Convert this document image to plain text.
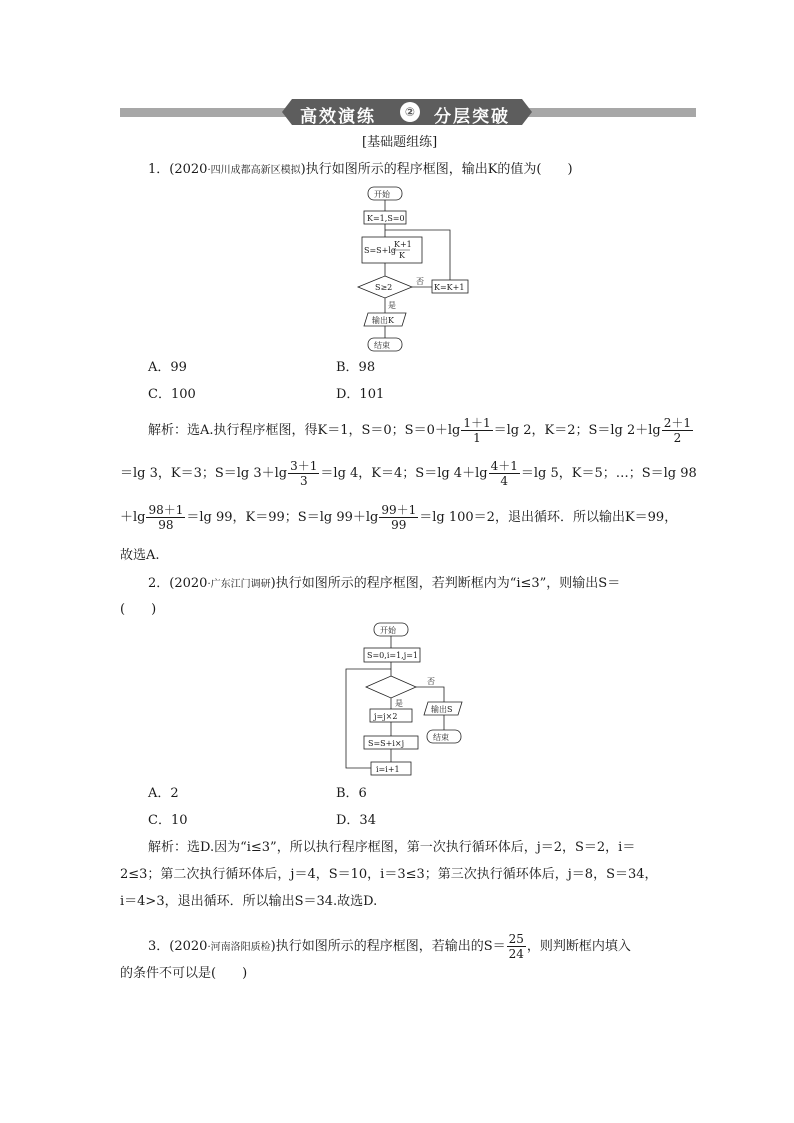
高效演练	② 分层突破
[基础题组练]
1．(2020·四川成都高新区模拟)执行如图所示的程序框图，输出K的值为(　　)
开始
K=1,S=0
S=S+lg
K+1
K
S≥2
否
K=K+1
是
输出K
结束
A．99	B．98
C．100	D．101
解析：选A.执行程序框图，得K＝1，S＝0；$S=0+\lg \frac{1+1}{1} =\lg$ 2，K＝2；S＝lg $2+\lg \frac{2+1}{2}$
＝lg 3，K＝3；S＝lg $3+\lg \frac{3+1}{3} =\lg$ 4，K＝4；S＝lg $4+\lg \frac{4+1}{4} =\lg$ 5，K＝5；…；S＝lg 98
$+\lg \frac{98+1}{98} =\lg$ 99，K＝99；S＝lg $99+\lg \frac{99+1}{99} =\lg$ 100＝2，退出循环．所以输出K＝99，
故选A.
2．(2020·广东江门调研)执行如图所示的程序框图，若判断框内为“i≤3”，则输出S＝
(　　)
开始
S=0,i=1,j=1
否
是
j=j×2
输出S
结束
S=S+i×j
i=i+1
A．2	B．6
C．10	D．34
解析：选D.因为“i≤3”，所以执行程序框图，第一次执行循环体后，j＝2，S＝2，i＝
2≤3；第二次执行循环体后，j＝4，S＝10，i＝3≤3；第三次执行循环体后，j＝8，S＝34，
i＝4>3，退出循环．所以输出S＝34.故选D.
3．(2020·河南洛阳质检)执行如图所示的程序框图，若输出的$S= \frac{25}{24}$ ，则判断框内填入
的条件不可以是(　　)
